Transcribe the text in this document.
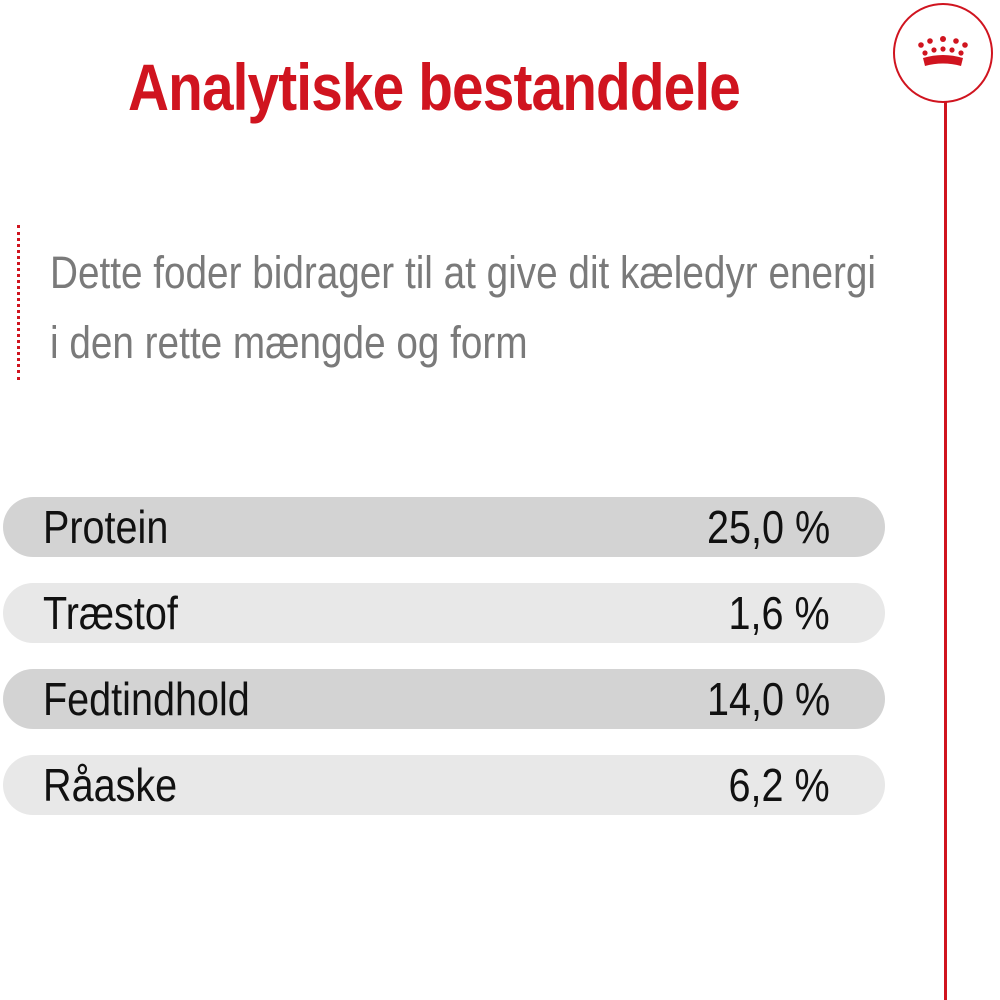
Analytiske bestanddele
Dette foder bidrager til at give dit kæledyr energi
i den rette mængde og form
Protein	25,0 %
Træstof	1,6 %
Fedtindhold	14,0 %
Råaske	6,2 %
